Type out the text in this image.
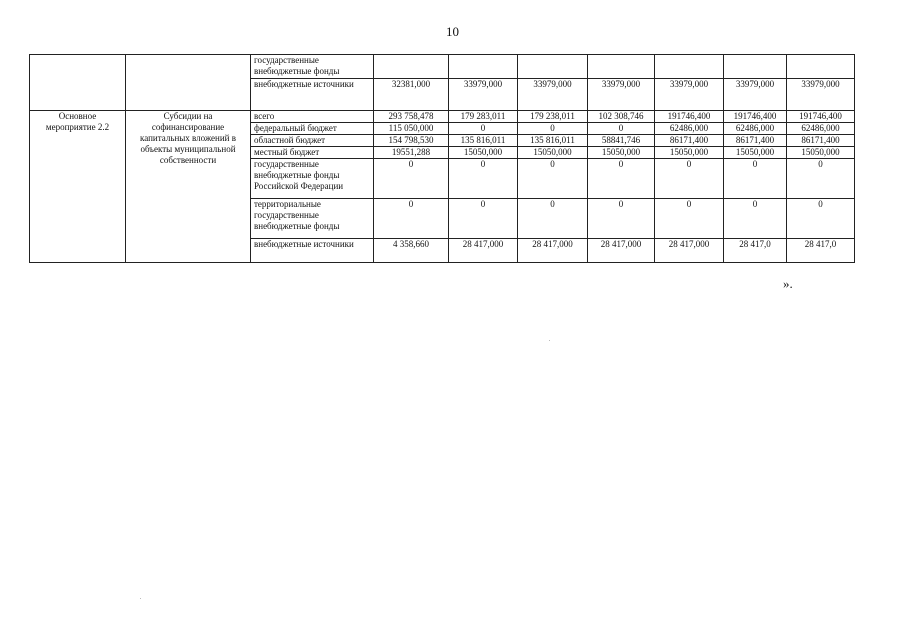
10
		государственные внебюджетные фонды							
		внебюджетные источники	32381,000	33979,000	33979,000	33979,000	33979,000	33979,000	33979,000
Основное мероприятие 2.2	Субсидии на софинансирование капитальных вложений в объекты муниципальной собственности	всего	293 758,478	179 283,011	179 238,011	102 308,746	191746,400	191746,400	191746,400
		федеральный бюджет	115 050,000	0	0	0	62486,000	62486,000	62486,000
		областной бюджет	154 798,530	135 816,011	135 816,011	58841,746	86171,400	86171,400	86171,400
		местный бюджет	19551,288	15050,000	15050,000	15050,000	15050,000	15050,000	15050,000
		государственные внебюджетные фонды Российской Федерации	0	0	0	0	0	0	0
		территориальные государственные внебюджетные фонды	0	0	0	0	0	0	0
		внебюджетные источники	4 358,660	28 417,000	28 417,000	28 417,000	28 417,000	28 417,0	28 417,0
».
